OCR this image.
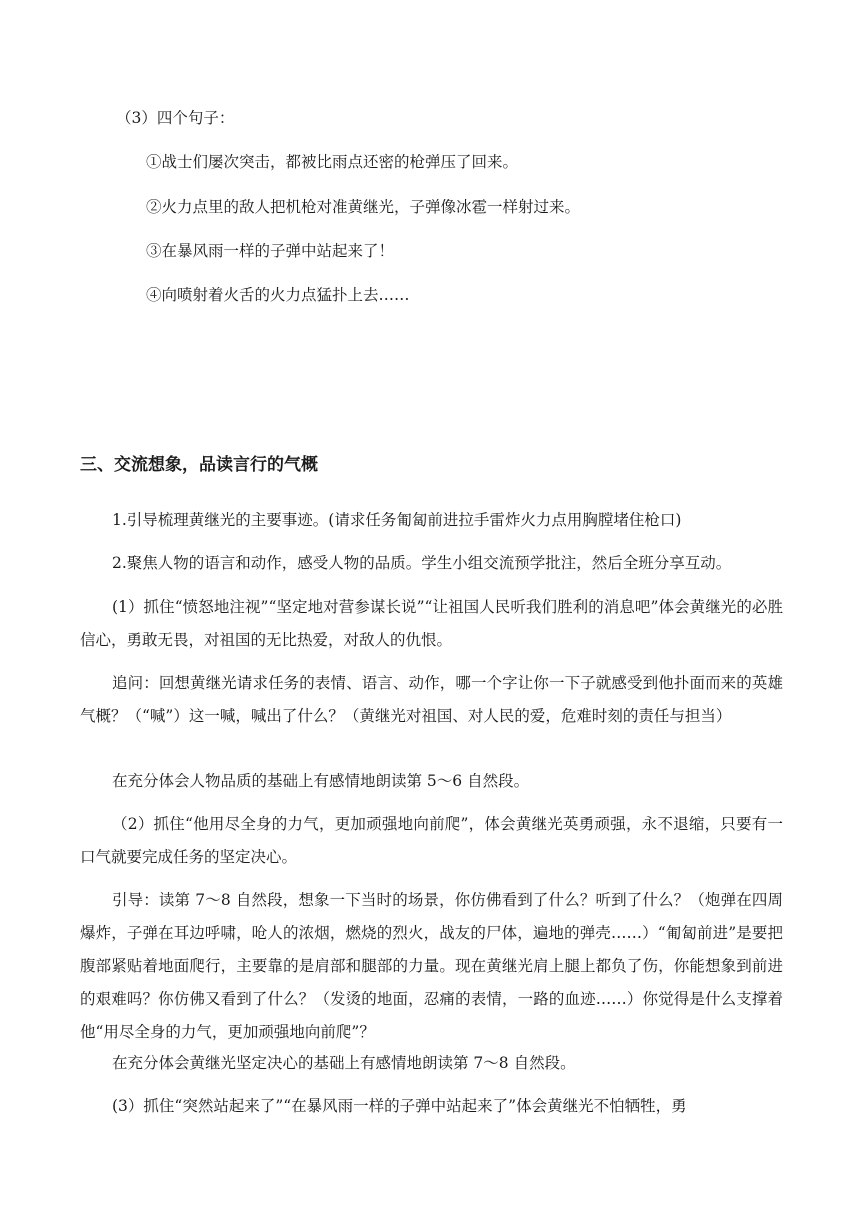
（3）四个句子：
①战士们屡次突击，都被比雨点还密的枪弹压了回来。
②火力点里的敌人把机枪对准黄继光，子弹像冰雹一样射过来。
③在暴风雨一样的子弹中站起来了！
④向喷射着火舌的火力点猛扑上去……
三、交流想象，品读言行的气概
1.引导梳理黄继光的主要事迹。(请求任务匍匐前进拉手雷炸火力点用胸膛堵住枪口)
2.聚焦人物的语言和动作，感受人物的品质。学生小组交流预学批注，然后全班分享互动。
(1）抓住“愤怒地注视”“坚定地对营参谋长说”“让祖国人民听我们胜利的消息吧”体会黄继光的必胜信心，勇敢无畏，对祖国的无比热爱，对敌人的仇恨。
追问：回想黄继光请求任务的表情、语言、动作，哪一个字让你一下子就感受到他扑面而来的英雄气概？（“喊”）这一喊，喊出了什么？（黄继光对祖国、对人民的爱，危难时刻的责任与担当）
在充分体会人物品质的基础上有感情地朗读第 5～6 自然段。
（2）抓住“他用尽全身的力气，更加顽强地向前爬”，体会黄继光英勇顽强，永不退缩，只要有一口气就要完成任务的坚定决心。
引导：读第 7～8 自然段，想象一下当时的场景，你仿佛看到了什么？听到了什么？（炮弹在四周爆炸，子弹在耳边呼啸，呛人的浓烟，燃烧的烈火，战友的尸体，遍地的弹壳……）“匍匐前进”是要把腹部紧贴着地面爬行，主要靠的是肩部和腿部的力量。现在黄继光肩上腿上都负了伤，你能想象到前进的艰难吗？你仿佛又看到了什么？（发烫的地面，忍痛的表情，一路的血迹……）你觉得是什么支撑着他“用尽全身的力气，更加顽强地向前爬”？
在充分体会黄继光坚定决心的基础上有感情地朗读第 7～8 自然段。
(3）抓住“突然站起来了”“在暴风雨一样的子弹中站起来了”体会黄继光不怕牺牲，勇
